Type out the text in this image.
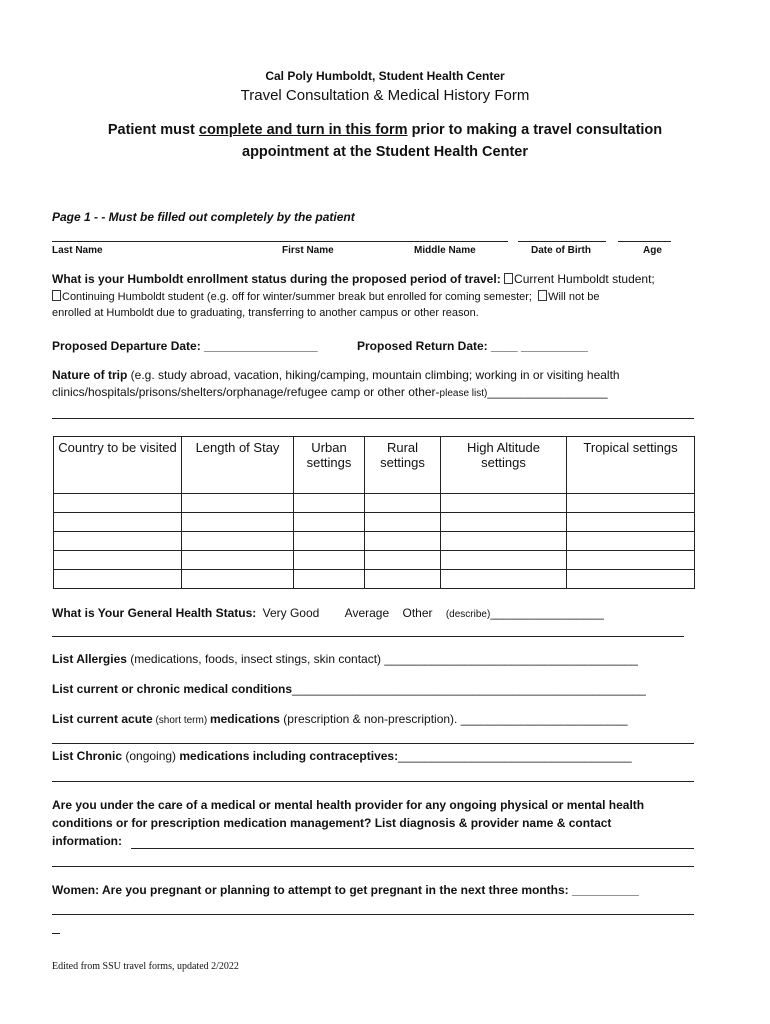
Cal Poly Humboldt, Student Health Center
Travel Consultation & Medical History Form
Patient must complete and turn in this form prior to making a travel consultation
appointment at the Student Health Center
Page 1 - - Must be filled out completely by the patient
Last Name	First Name	Middle Name	Date of Birth	Age
What is your Humboldt enrollment status during the proposed period of travel: Current Humboldt student;
Continuing Humboldt student (e.g. off for winter/summer break but enrolled for coming semester; Will not be
enrolled at Humboldt due to graduating, transferring to another campus or other reason.
Proposed Departure Date: _________________	Proposed Return Date: ____ __________
Nature of trip (e.g. study abroad, vacation, hiking/camping, mountain climbing; working in or visiting health
clinics/hospitals/prisons/shelters/orphanage/refugee camp or other other-please list)__________________
Country to be visited	Length of Stay	Urban settings	Rural settings	High Altitude settings	Tropical settings

What is Your General Health Status: Very Good Average Other (describe)_________________
List Allergies (medications, foods, insect stings, skin contact) ______________________________________
List current or chronic medical conditions_____________________________________________________
List current acute (short term) medications (prescription & non-prescription). _________________________
List Chronic (ongoing) medications including contraceptives:___________________________________
Are you under the care of a medical or mental health provider for any ongoing physical or mental health
conditions or for prescription medication management? List diagnosis & provider name & contact
information:
Women: Are you pregnant or planning to attempt to get pregnant in the next three months: __________
Edited from SSU travel forms, updated 2/2022
